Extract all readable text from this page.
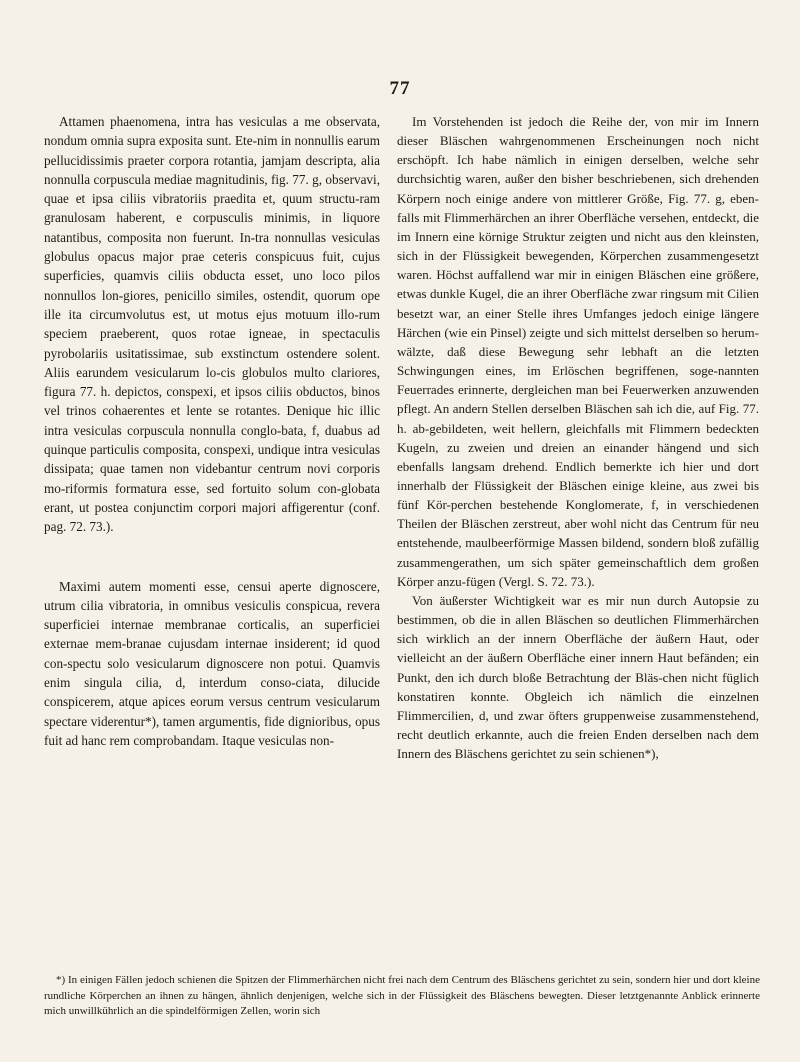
77

Attamen phaenomena, intra has vesiculas a me observata, nondum omnia supra exposita sunt. Ete-nim in nonnullis earum pellucidissimis praeter corpora rotantia, jamjam descripta, alia nonnulla corpuscula mediae magnitudinis, fig. 77. g, observavi, quae et ipsa ciliis vibratoriis praedita et, quum structu-ram granulosam haberent, e corpusculis minimis, in liquore natantibus, composita non fuerunt. In-tra nonnullas vesiculas globulus opacus major prae ceteris conspicuus fuit, cujus superficies, quamvis ciliis obducta esset, uno loco pilos nonnullos lon-giores, penicillo similes, ostendit, quorum ope ille ita circumvolutus est, ut motus ejus motuum illo-rum speciem praeberent, quos rotae igneae, in spectaculis pyrobolariis usitatissimae, sub exstinctum ostendere solent. Aliis earundem vesicularum lo-cis globulos multo clariores, figura 77. h. depictos, conspexi, et ipsos ciliis obductos, binos vel trinos cohaerentes et lente se rotantes. Denique hic illic intra vesiculas corpuscula nonnulla conglo-bata, f, duabus ad quinque particulis composita, conspexi, undique intra vesiculas dissipata; quae tamen non videbantur centrum novi corporis mo-riformis formatura esse, sed fortuito solum con-globata erant, ut postea conjunctim corpori majori affigerentur (conf. pag. 72. 73.).

Maximi autem momenti esse, censui aperte dignoscere, utrum cilia vibratoria, in omnibus vesiculis conspicua, revera superficiei internae membranae corticalis, an superficiei externae mem-branae cujusdam internae insiderent; id quod con-spectu solo vesicularum dignoscere non potui. Quamvis enim singula cilia, d, interdum conso-ciata, dilucide conspicerem, atque apices eorum versus centrum vesicularum spectare viderentur*), tamen argumentis, fide dignioribus, opus fuit ad hanc rem comprobandam. Itaque vesiculas non-

Im Vorstehenden ist jedoch die Reihe der, von mir im Innern dieser Bläschen wahrgenommenen Erscheinungen noch nicht erschöpft. Ich habe nämlich in einigen derselben, welche sehr durchsichtig waren, außer den bisher beschriebenen, sich drehenden Körpern noch einige andere von mittlerer Größe, Fig. 77. g, eben-falls mit Flimmerhärchen an ihrer Oberfläche versehen, entdeckt, die im Innern eine körnige Struktur zeigten und nicht aus den kleinsten, sich in der Flüssigkeit bewegenden, Körperchen zusammengesetzt waren. Höchst auffallend war mir in einigen Bläschen eine größere, etwas dunkle Kugel, die an ihrer Oberfläche zwar ringsum mit Cilien besetzt war, an einer Stelle ihres Umfanges jedoch einige längere Härchen (wie ein Pinsel) zeigte und sich mittelst derselben so herum-wälzte, daß diese Bewegung sehr lebhaft an die letzten Schwingungen eines, im Erlöschen begriffenen, soge-nannten Feuerrades erinnerte, dergleichen man bei Feuerwerken anzuwenden pflegt. An andern Stellen derselben Bläschen sah ich die, auf Fig. 77. h. ab-gebildeten, weit hellern, gleichfalls mit Flimmern bedeckten Kugeln, zu zweien und dreien an einander hängend und sich ebenfalls langsam drehend. Endlich bemerkte ich hier und dort innerhalb der Flüssigkeit der Bläschen einige kleine, aus zwei bis fünf Kör-perchen bestehende Konglomerate, f, in verschiedenen Theilen der Bläschen zerstreut, aber wohl nicht das Centrum für neu entstehende, maulbeerförmige Massen bildend, sondern bloß zufällig zusammengerathen, um sich später gemeinschaftlich dem großen Körper anzu-fügen (Vergl. S. 72. 73.).

Von äußerster Wichtigkeit war es mir nun durch Autopsie zu bestimmen, ob die in allen Bläschen so deutlichen Flimmerhärchen sich wirklich an der innern Oberfläche der äußern Haut, oder vielleicht an der äußern Oberfläche einer innern Haut befänden; ein Punkt, den ich durch bloße Betrachtung der Bläs-chen nicht füglich konstatiren konnte. Obgleich ich nämlich die einzelnen Flimmercilien, d, und zwar öfters gruppenweise zusammenstehend, recht deutlich erkannte, auch die freien Enden derselben nach dem Innern des Bläschens gerichtet zu sein schienen*),

*) In einigen Fällen jedoch schienen die Spitzen der Flimmerhärchen nicht frei nach dem Centrum des Bläschens gerichtet zu sein, sondern hier und dort kleine rundliche Körperchen an ihnen zu hängen, ähnlich denjenigen, welche sich in der Flüssigkeit des Bläschens bewegten. Dieser letztgenannte Anblick erinnerte mich unwillkührlich an die spindelförmigen Zellen, worin sich
